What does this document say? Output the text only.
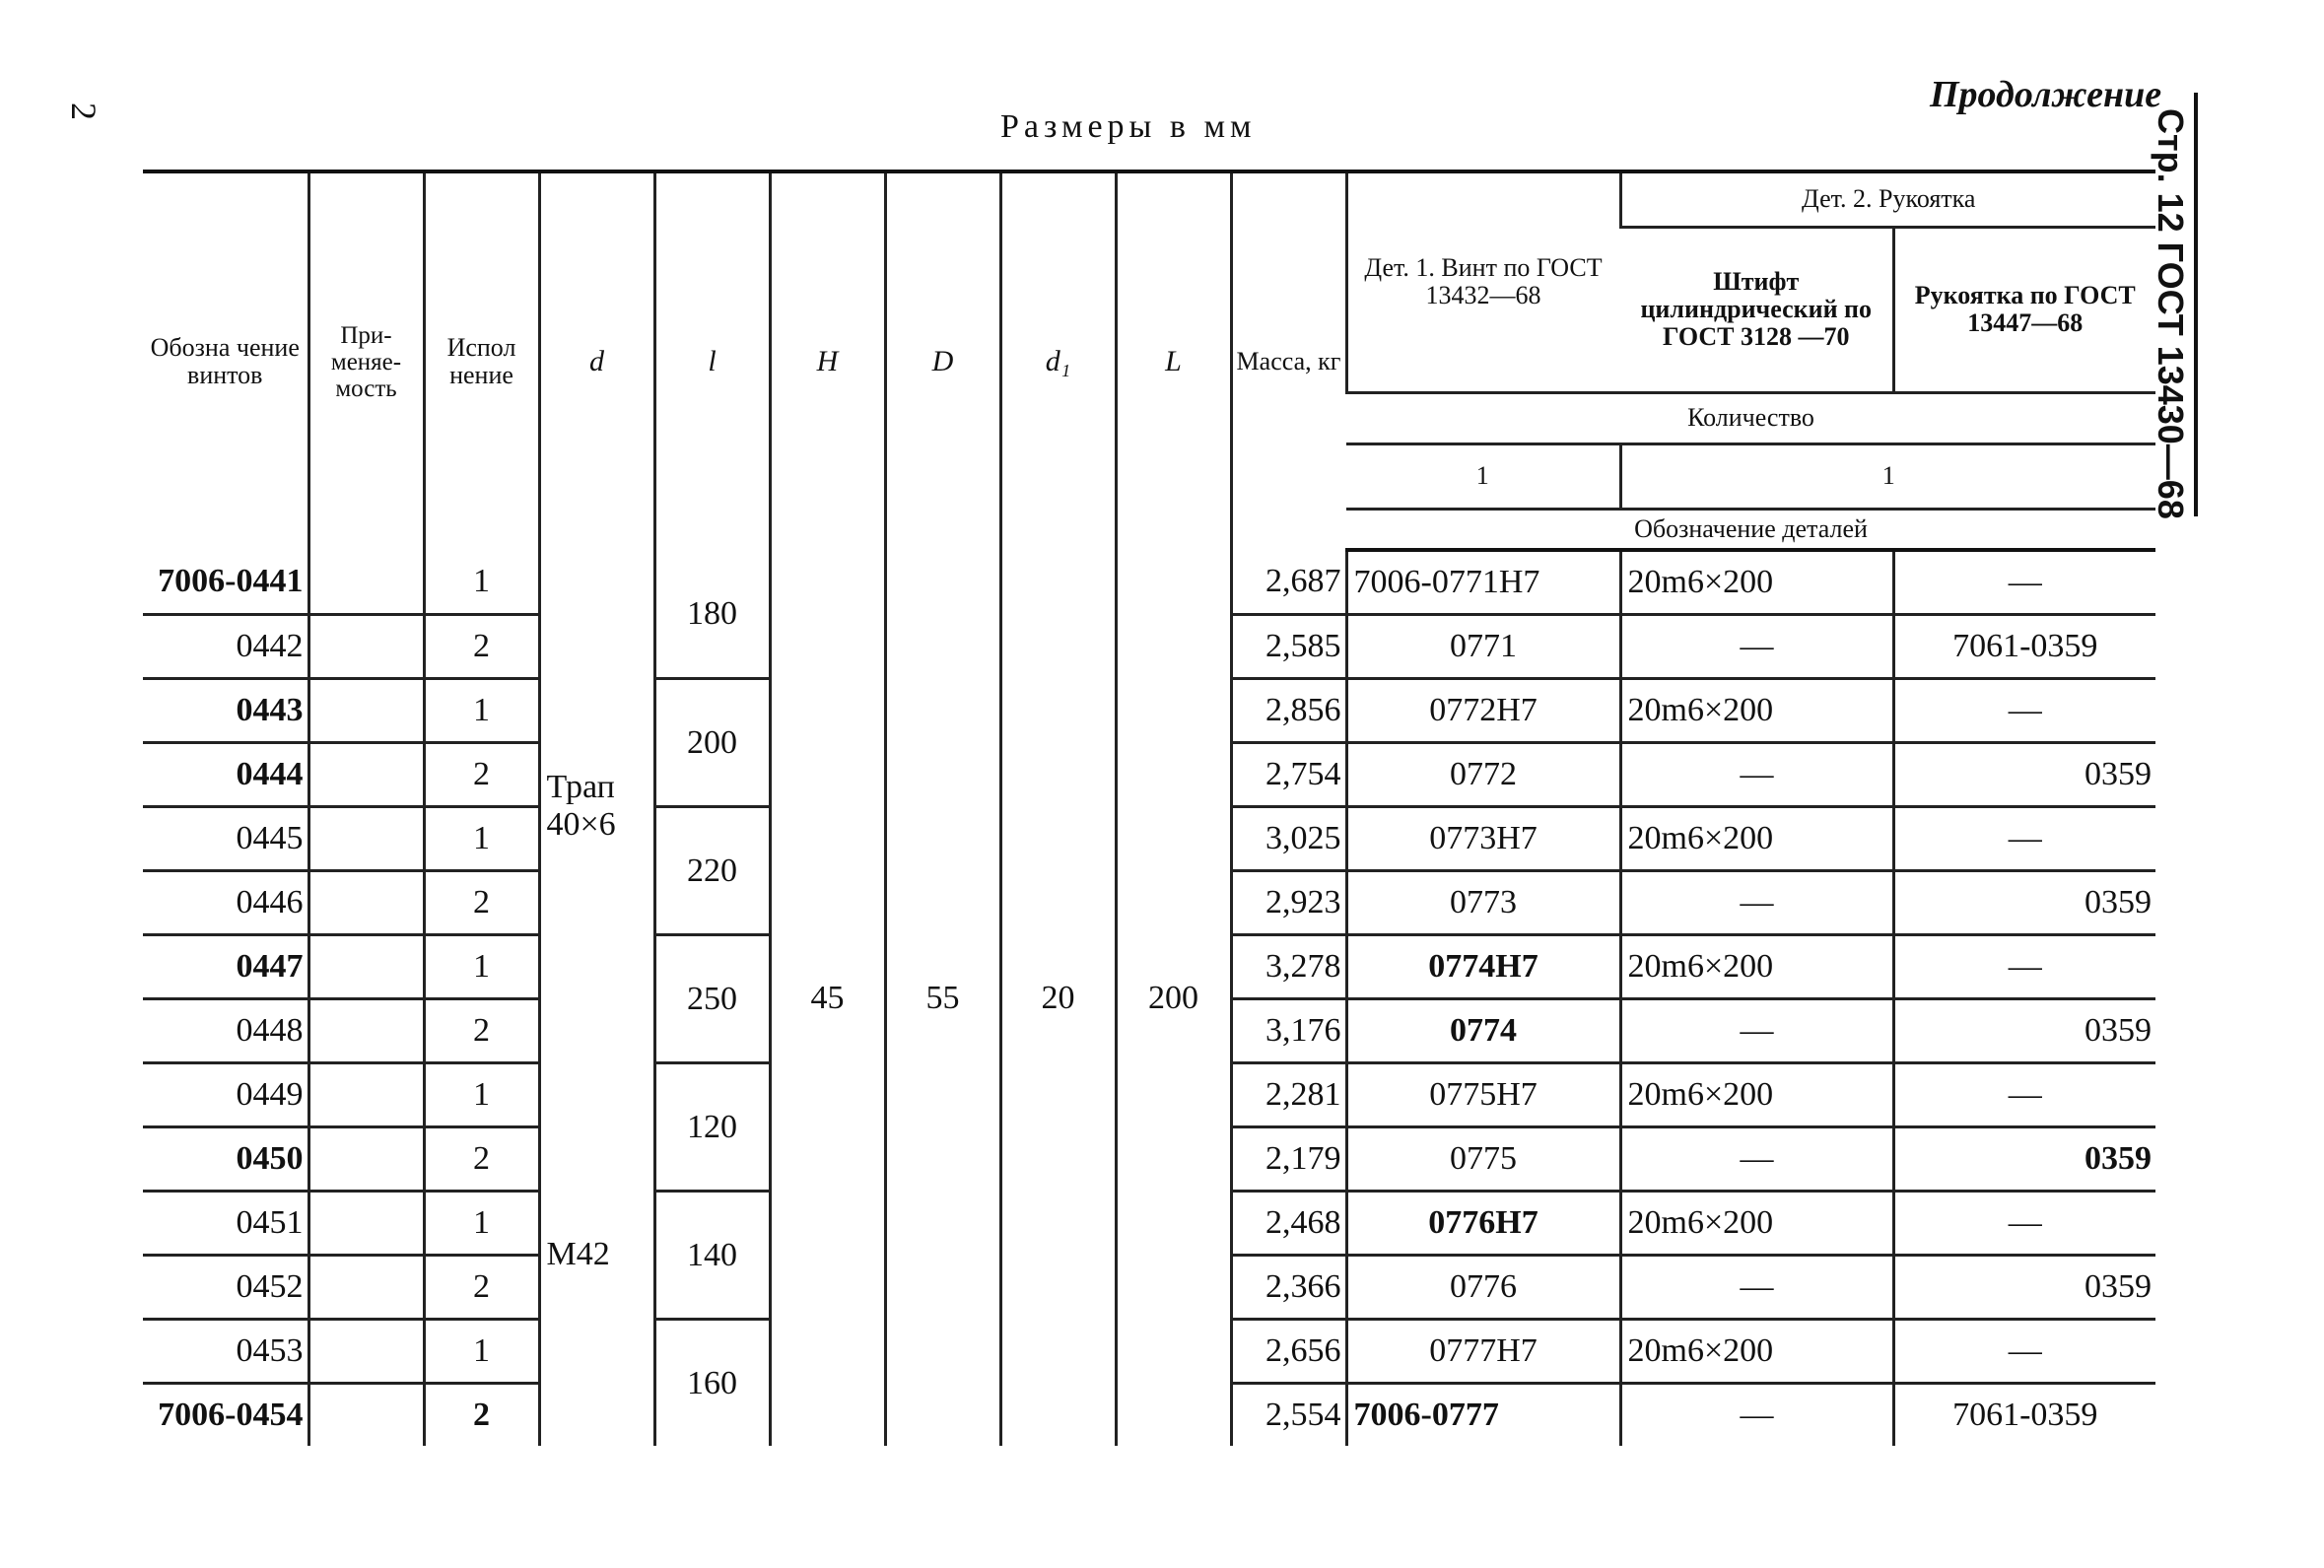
2	Размеры в мм
Продолжение
Стр. 12 ГОСТ 13430—68
Обозна чение винтов	При- меняе- мость	Испол нение	d	l	H	D	d₁	L	Масса, кг	Дет. 1. Винт по ГОСТ 13432—68	Дет. 2. Рукоятка	
											Штифт цилиндрический по ГОСТ 3128 —70	Рукоятка по ГОСТ 13447—68
										Количество		
										1	1	
										Обозначение деталей		
7006-0441		1	Трап 40×6	180	45	55	20	200	2,687	7006-0771Н7	20m6×200	—
0442		2							2,585	0771	—	7061-0359
0443		1		200					2,856	0772Н7	20m6×200	—
0444		2							2,754	0772	—	0359
0445		1		220					3,025	0773Н7	20m6×200	—
0446		2							2,923	0773	—	0359
0447		1		250					3,278	0774Н7	20m6×200	—
0448		2							3,176	0774	—	0359
0449		1	М42	120					2,281	0775Н7	20m6×200	—
0450		2							2,179	0775	—	0359
0451		1		140					2,468	0776Н7	20m6×200	—
0452		2							2,366	0776	—	0359
0453		1		160					2,656	0777Н7	20m6×200	—
7006-0454		2							2,554	7006-0777	—	7061-0359
